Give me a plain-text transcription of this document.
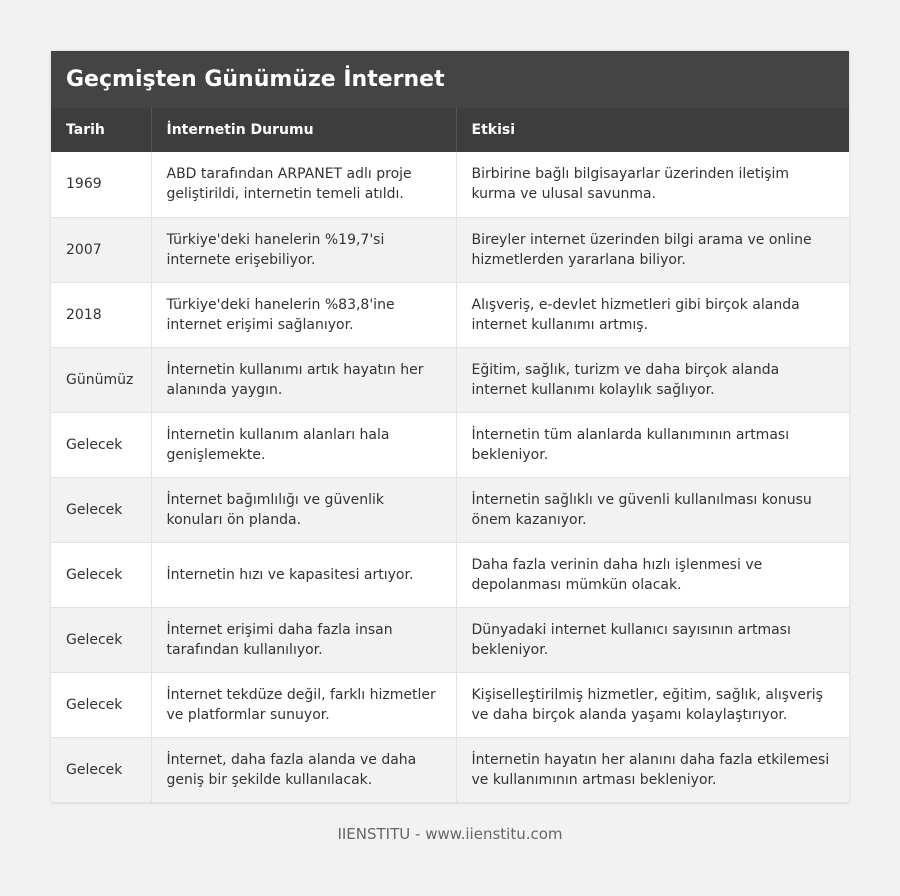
Geçmişten Günümüze İnternet
Tarih	İnternetin Durumu	Etkisi
1969	ABD tarafından ARPANET adlı proje geliştirildi, internetin temeli atıldı.	Birbirine bağlı bilgisayarlar üzerinden iletişim kurma ve ulusal savunma.
2007	Türkiye'deki hanelerin %19,7'si internete erişebiliyor.	Bireyler internet üzerinden bilgi arama ve online hizmetlerden yararlana biliyor.
2018	Türkiye'deki hanelerin %83,8'ine internet erişimi sağlanıyor.	Alışveriş, e-devlet hizmetleri gibi birçok alanda internet kullanımı artmış.
Günümüz	İnternetin kullanımı artık hayatın her alanında yaygın.	Eğitim, sağlık, turizm ve daha birçok alanda internet kullanımı kolaylık sağlıyor.
Gelecek	İnternetin kullanım alanları hala genişlemekte.	İnternetin tüm alanlarda kullanımının artması bekleniyor.
Gelecek	İnternet bağımlılığı ve güvenlik konuları ön planda.	İnternetin sağlıklı ve güvenli kullanılması konusu önem kazanıyor.
Gelecek	İnternetin hızı ve kapasitesi artıyor.	Daha fazla verinin daha hızlı işlenmesi ve depolanması mümkün olacak.
Gelecek	İnternet erişimi daha fazla insan tarafından kullanılıyor.	Dünyadaki internet kullanıcı sayısının artması bekleniyor.
Gelecek	İnternet tekdüze değil, farklı hizmetler ve platformlar sunuyor.	Kişiselleştirilmiş hizmetler, eğitim, sağlık, alışveriş ve daha birçok alanda yaşamı kolaylaştırıyor.
Gelecek	İnternet, daha fazla alanda ve daha geniş bir şekilde kullanılacak.	İnternetin hayatın her alanını daha fazla etkilemesi ve kullanımının artması bekleniyor.
IIENSTITU - www.iienstitu.com
